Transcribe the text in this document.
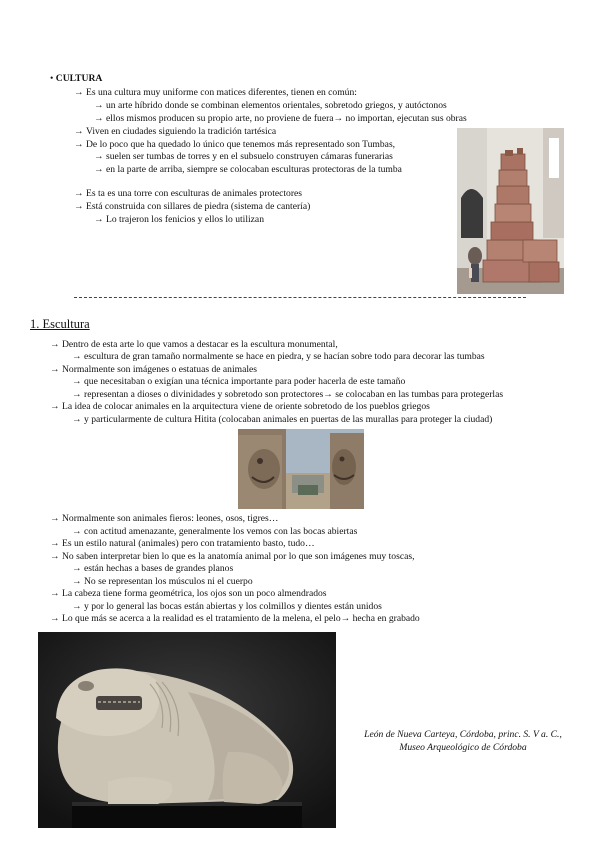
• CULTURA
→ Es una cultura muy uniforme con matices diferentes, tienen en común:
→ un arte híbrido donde se combinan elementos orientales, sobretodo griegos, y autóctonos
→ ellos mismos producen su propio arte, no proviene de fuera→ no importan, ejecutan sus obras
→ Viven en ciudades siguiendo la tradición tartésica
→ De lo poco que ha quedado lo único que tenemos más representado son Tumbas,
→ suelen ser tumbas de torres y en el subsuelo construyen cámaras funerarias
→ en la parte de arriba, siempre se colocaban esculturas protectoras de la tumba
→ Es ta es una torre con esculturas de animales protectores
→ Está construida con sillares de piedra (sistema de cantería)
→ Lo trajeron los fenicios y ellos lo utilizan
1. Escultura
→ Dentro de esta arte lo que vamos a destacar es la escultura monumental,
→ escultura de gran tamaño normalmente se hace en piedra, y se hacían sobre todo para decorar las tumbas
→ Normalmente son imágenes o estatuas de animales
→ que necesitaban o exigían una técnica importante para poder hacerla de este tamaño
→ representan a dioses o divinidades y sobretodo son protectores→ se colocaban en las tumbas para protegerlas
→ La idea de colocar animales en la arquitectura viene de oriente sobretodo de los pueblos griegos
→ y particularmente de cultura Hitita (colocaban animales en puertas de las murallas para proteger la ciudad)
→ Normalmente son animales fieros: leones, osos, tigres…
→ con actitud amenazante, generalmente los vemos con las bocas abiertas
→ Es un estilo natural (animales) pero con tratamiento basto, tudo…
→ No saben interpretar bien lo que es la anatomía animal por lo que son imágenes muy toscas,
→ están hechas a bases de grandes planos
→ No se representan los músculos ni el cuerpo
→ La cabeza tiene forma geométrica, los ojos son un poco almendrados
→ y por lo general las bocas están abiertas y los colmillos y dientes están unidos
→ Lo que más se acerca a la realidad es el tratamiento de la melena, el pelo→ hecha en grabado
León de Nueva Carteya, Córdoba, princ. S. V a. C.,
Museo Arqueológico de Córdoba
